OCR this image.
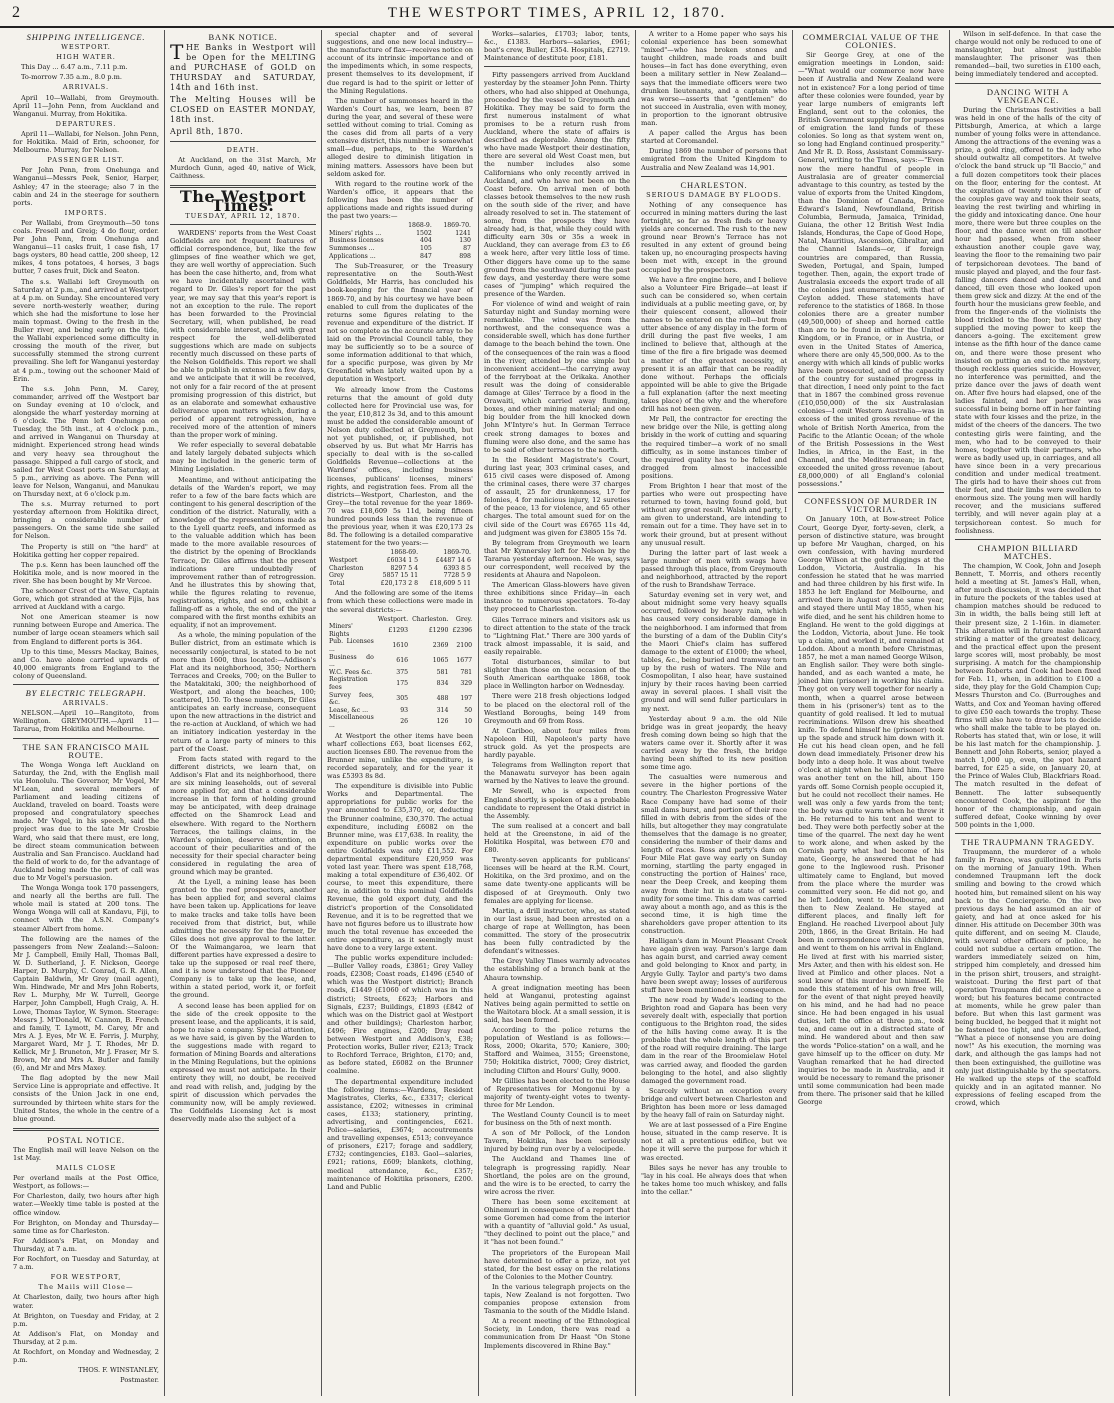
2	THE WESTPORT TIMES, APRIL 12, 1870.
SHIPPING INTELLIGENCE.
WESTPORT.
HIGH WATER.

This Day ... 6.47 a.m., 7.11 p.m.

To-morrow 7.35 a.m., 8.0 p.m.

ARRIVALS.

April 10—Wallabi, from Greymouth. April 11—John Penn, from Auckland and Wanganui. Murray, from Hokitika.

DEPARTURES.

April 11—Wallabi, for Nelson. John Penn, for Hokitika. Maid of Erin, schooner, for Melbourne. Murray, for Nelson.

PASSENGER LIST.

Per John Penn, from Onehunga and Wanganui—Messrs Peek, Senior, Harper, Ashley; 47 in the steerage; also 7 in the cabin and 24 in the steerage for southern ports.

IMPORTS.

Per Wallabi, from Greymouth—50 tons coals. Fresell and Greig; 4 do flour, order. Per John Penn, from Onehunga and Wanganui—11 casks fruit, 1 case fish, 17 bags oysters, 80 head cattle, 200 sheep, 12 mikes, 4 tons potatoes, 4 horses, 3 bags butter, 7 cases fruit, Dick and Seaton.

The s.s. Wallabi left Greymouth on Saturday at 2 p.m., and arrived at Westport at 4 p.m. on Sunday. She encountered very severe north-westerly weather, during which she had the misfortune to lose her main topmast. Owing to the fresh in the Buller river, and being early on the tide, the Wallabi experienced some difficulty in crossing the mouth of the river, but successfully stemmed the strong current prevailing. She left for Wanganui yesterday at 4 p.m., towing out the schooner Maid of Erin.

The s.s. John Penn, M. Carey, commander, arrived off the Westport bar on Sunday evening at 10 o'clock, and alongside the wharf yesterday morning at 6 o'clock. The Penn left Onehunga on Tuesday, the 5th inst., at 4 o'clock p.m., and arrived in Wanganui on Thursday at midnight. Experienced strong head winds and very heavy sea throughout the passage. Shipped a full cargo of stock, and sailed for West Coast ports on Saturday, at 5 p.m., arriving as above. The Penn will leave for Nelson, Wanganui, and Manukau on Thursday next, at 6 o'clock p.m.

The s.s. Murray returned to port yesterday afternoon from Hokitika direct, bringing a considerable number of passengers. On the same tide she sailed for Nelson.

The Property is still on "the hard" at Hokitika getting her copper repaired.

The p.s. Kenn has been launched off the Hokitika mole, and is now moored in the river. She has been bought by Mr Vercoe.

The schooner Crest of the Wave, Captain Gore, which got stranded at the Fijis, has arrived at Auckland with a cargo.

Not one American steamer is now running between Europe and America. The number of large ocean steamers which sail from England to different ports is 364.

Up to this time, Messrs Mackay, Baines, and Co. have alone carried upwards of 40,000 emigrants from England to the colony of Queensland.

BY ELECTRIC TELEGRAPH.
ARRIVALS.

NELSON.—April 10—Rangitoto, from Wellington. GREYMOUTH.—April 11—Tararua, from Hokitika and Melbourne.

THE SAN FRANCISCO MAIL ROUTE.

The Wonga Wonga left Auckland on Saturday, the 2nd, with the English mail via Honolulu. The Governor, Mr Vogel, Mr M'Lean, and several members of Parliament and leading citizens of Auckland, traveled on board. Toasts were proposed and congratulatory speeches made. Mr Vogel, in his speech, said the project was due to the late Mr Crosbie Ward, who said that there must, ere long, be direct steam communication between Australia and San Francisco. Auckland had the field of work to do, for the advantage of Auckland being made the port of call was due to Mr Vogel's persuasion.

The Wonga Wonga took 170 passengers, and nearly all the berths are full. The whole mail is stated at 200 tons. The Wonga Wonga will call at Kandavu, Fiji, to connect with the A.S.N. Company's steamer Albert from home.

The following are the names of the passengers from New Zealand:—Saloon: Mr J. Campbell, Emily Hall, Thomas Ball, W. D. Sutherland, J. F. Nickson, George Harper, D. Murphy, C. Conrad, G. R. Allen, Captain Baldwin, Mr Grey (mail agent), Wm. Hindwade, Mr and Mrs John Roberts, Rev L. Murphy, Mr W. Turrell, George Harper, John Campbell, Hugh Craig, A. H. Lowe, Thomas Taylor, W. Symon. Steerage: Messrs J. M'Donald, W. Cannon, B. French and family, T. Lymott, M. Carey, Mr and Mrs A. J. Eyes, Mr W. E. Ferris, J. Murphy, Margaret Ward, Mr J. T. Rhodes, Mr D. Kellick, Mr J. Bruneton, Mr J. Fraser, Mr S. Brown, Mr and Mrs A. Butler and family (6), and Mr and Mrs Maxey.

The flag adopted by the new Mail Service Line is appropriate and effective. It consists of the Union Jack in one end, surrounded by thirteen white stars for the United States, the whole in the centre of a blue ground.

POSTAL NOTICE.

The English mail will leave Nelson on the 1st May.

MAILS CLOSE

Per overland mails at the Post Office, Westport, as follows:—

For Charleston, daily, two hours after high water.—Weekly time table is posted at the office window.

For Brighton, on Monday and Thursday—same time as for Charleston.

For Addison's Flat, on Monday and Thursday, at 7 a.m.

For Rochfort, on Tuesday and Saturday, at 7 a.m.

FOR WESTPORT,
The Mails will Close—

At Charleston, daily, two hours after high water.

At Brighton, on Tuesday and Friday, at 2 p.m.

At Addison's Flat, on Monday and Thursday, at 2 p.m.

At Rochfort, on Monday and Wednesday, 2 p.m.

THOS. F. WINSTANLEY,
Postmaster.
BANK NOTICE.

THE Banks in Westport will be Open for the MELTING and PURCHASE of GOLD on THURSDAY and SATURDAY, 14th and 16th inst.

The Melting Houses will be CLOSED on EASTER MONDAY, 18th inst.

April 8th, 1870.

DEATH.

At Auckland, on the 31st March, Mr Murdoch Gunn, aged 40, native of Wick, Caithness.

The Westport Times.
TUESDAY, APRIL 12, 1870.

WARDENS' reports from the West Coast Goldfields are not frequent features of official correspondence, but, like the few glimpses of fine weather which we get, they are well worthy of appreciation. Such has been the case hitherto, and, from what we have incidentally ascertained with regard to Dr. Giles's report for the past year, we may say that this year's report is not an exception to the rule. The report has been forwarded to the Provincial Secretary, will, when published, be read with considerable interest, and with great respect for the well-deliberated suggestions which are made on subjects recently much discussed on these parts of the Nelson Goldfields. This report we shall be able to publish in extenso in a few days, and we anticipate that it will be received, not only for a fair record of the at present promising progression of this district, but as an elaborate and somewhat exhaustive deliverance upon matters which, during a period of apparent retrogression, have received more of the attention of miners than the proper work of mining.

We refer especially to several debatable and lately largely debated subjects which may be included in the generic term of Mining Legislation.

Meantime, and without anticipating the details of the Warden's report, we may refer to a few of the bare facts which are contingent to his general description of the condition of the district. Naturally, with a knowledge of the representations made as to the Lyell quartz reefs, and informed as to the valuable addition which has been made to the more available resources of the district by the opening of Brocklands Terrace, Dr. Giles affirms that the present indications are undoubtedly of improvement rather than of retrogression. And he illustrates this by showing that, while the figures relating to revenue, registrations, rights, and so on, exhibit a falling-off as a whole, the end of the year compared with the first months exhibits an equality, if not an improvement.

As a whole, the mining population of the Buller district, from an estimate which is necessarily conjectural, is stated to be not more than 1600, thus located:—Addison's Flat and its neighborhood, 350; Northern Terraces and Creeks, 700; on the Buller to the Matakitaki, 300; the neighborhood of Westport, and along the beaches, 100; scattered, 150. To these numbers, Dr Giles anticipates an early increase, consequent upon the new attractions in the district and the re-action at Auckland, of which we had an initiatory indication yesterday in the return of a large party of miners to this part of the Coast.

From facts stated with regard to the different districts, we learn that, on Addison's Flat and its neighborhood, there are six mining leaseholds, out of several more applied for, and that a considerable increase in that form of holding ground may be anticipated, with deep drainage effected on the Shamrock Lead and elsewhere. With regard to the Northern Terraces, the tailings claims, in the Warden's opinion, deserve attention, on account of their peculiarities and of the necessity for their special character being considered in regulating the area of ground which may be granted.

At the Lyell, a mining lease has been granted to the reef prospectors, another has been applied for, and several claims have been taken up. Applications for leave to make tracks and take tolls have been received from that district, but, while admitting the necessity for the former, Dr Giles does not give approval to the latter. Of the Waimangaroa, we learn that different parties have expressed a desire to take up the supposed or real reef there, and it is now understood that the Pioneer Company is to take up the lease, and, within a stated period, work it, or forfeit the ground.

A second lease has been applied for on the side of the creek opposite to the present lease, and the applicants, it is said, hope to raise a company. Special attention, as we have said, is given by the Warden to the suggestions made with regard to formation of Mining Boards and alterations in the Mining Regulations, but the opinions expressed we must not anticipate. In their entirety they will, no doubt, be received and read with relish, and, judging by the spirit of discussion which pervades the community now, will be amply reviewed. The Goldfields Licensing Act is most deservedly made also the subject of a

special chapter and of several suggestions, and one new local industry—the manufacture of flax—receives notice on account of its intrinsic importance and of the impediments which, in some respects, present themselves to its development, if due regard is had to the spirit or letter of the Mining Regulations.

The number of summonses heard in the Warden's Court has, we learn, been 87 during the year, and several of these were settled without coming to trial. Coming as the cases did from all parts of a very extensive district, this number is somewhat small—due, perhaps, to the Warden's alleged desire to diminish litigation in mining matters. Assessors have been but seldom asked for.

With regard to the routine work of the Warden's office, it appears that the following has been the number of applications made and rights issued during the past two years:—

	1868-9.	1869-70.
Miners' rights ...	1502	1241
Business licenses	404	130
Summonses ...	105	87
Applications ...	847	898

The Sub-Treasurer, or the Treasury representative on the South-West Goldfields, Mr Harris, has concluded his book-keeping for the financial year of 1869-70, and by his courtesy we have been enabled to cull from the duplicates of the returns some figures relating to the revenue and expenditure of the district. If not so complete as the accurate array to be laid on the Provincial Council table, they may be sufficiently so to be a source of some information additional to that which, for a specific purpose, was given by Mr Greenfield when lately waited upon by a deputation in Westport.

We already know from the Customs returns that the amount of gold duty collected here for Provincial use was, for the year, £10,812 3s 3d, and to this amount must be added the considerable amount of Nelson duty collected at Greymouth, but not yet published, or, if published, not observed by us. But what Mr Harris has specially to deal with is the so-called Goldfields Revenue—collections at the Wardens' offices, including business licenses, publicans' licenses, miners' rights, and registration fees. From all the districts—Westport, Charleston, and the Grey—the total revenue for the year 1869-70 was £18,609 5s 11d, being fifteen hundred pounds less than the revenue of the previous year, when it was £20,173 2s 8d. The following is a detailed comparative statement for the two years:—

	1868-69.	1869-70.
Westport	£6034 1 5	£4487 14 6
Charleston	8297 5 4	6393 8 5
Grey	5857 15 11	7728 5 9
Total	£20,173 2 8	£18,609 5 11

And the following are some of the items from which these collections were made in the several districts:—

	Westport.	Charleston.	Grey.
Miners' Rights	£1293	£1290	£2396
Pub. Licenses ...	1610	2369	2100
Business do ...	616	1065	1677
W.C. Fees &c.	375	581	781
Registration fees	175	834	329
Survey fees, &c.	305	488	197
Lease, &c ...	93	314	50
Miscellaneous ...	26	126	10

At Westport the other items have been wharf collections £63, boat licenses £62, auction licenses £80. The revenue from the Brunner mine, unlike the expenditure, is recorded separately, and for the year it was £5393 8s 8d.

The expenditure is divisible into Public Works and Departmental. The appropriations for public works for the year amounted to £35,370, or, deducting the Brunner coalmine, £30,370. The actual expenditure, including £6082 on the Brunner mine, was £17,638. In reality, the expenditure on public works over the entire Goldfields was only £11,552. For departmental expenditure £20,959 was voted last year. There was spent £18,768, making a total expenditure of £36,402. Of course, to meet this expenditure, there are, in addition to this nominal Goldfields Revenue, the gold export duty, and the district's proportion of the Consolidated Revenue, and it is to be regretted that we have not figures before us to illustrate how much the total revenue has exceeded the entire expenditure, as it seemingly must have done to a very large extent.

The public works expenditure included:—Buller Valley roads, £3861; Grey Valley roads, £2308; Coast roads, £1496 (£540 of which was the Westport district); Branch roads, £1449 (£1060 of which was in this district); Streets, £623; Harbors and Signals, £237; Buildings, £1893 (£842 of which was on the District gaol at Westport and other buildings); Charleston harbor, £496; Fire engines, £200; Dray road between Westport and Addison's, £38; Protection works, Buller river, £213; Track to Rochford Terrace, Brighton, £170; and, as before stated, £6082 on the Brunner coalmine.

The departmental expenditure included the following items:—Wardens, Resident Magistrates, Clerks, &c., £3317; clerical assistance, £202; witnesses in criminal cases, £133; stationery, printing, advertising, and contingencies, £621. Police—salaries, £3674; accoutrements and travelling expenses, £513; conveyance of prisoners, £217; forage and saddlery, £732; contingencies, £183. Gaol—salaries, £921; rations, £609; blankets, clothing, medical attendance, &c., £357; maintenance of Hokitika prisoners, £200. Land and Public

Works—salaries, £1703; labor, tents, &c., £1383. Harbors—salaries, £961; boat's crew, Buller, £354. Hospitals, £2719. Maintenance of destitute poor, £181.

Fifty passengers arrived from Auckland yesterday by the steamer John Penn. Thirty others, who had also shipped at Onehunga, proceeded by the vessel to Greymouth and Hokitika. They may be said to form the first numerous instalment of what promises to be a return rush from Auckland, where the state of affairs is described as deplorable. Among the fifty who have made Westport their destination, there are several old West Coast men, but the number includes also some Californians who only recently arrived in Auckland, and who have not been on the Coast before. On arrival men of both classes betook themselves to the new rush on the south side of the river, and have already resolved to set in. The statement of some, from the prospects they have already had, is that, while they could with difficulty earn 30s or 35s a week in Auckland, they can average from £3 to £6 a week here, after very little loss of time. Other diggers have come up to the same ground from the southward during the past few days, and yesterday there were some cases of "jumping" which required the presence of the Warden.

For violence of wind and weight of rain Saturday night and Sunday morning were remarkable. The wind was from the northwest, and the consequence was a considerable swell, which has done further damage to the beach behind the town. One of the consequences of the rain was a flood in the river, attended by one simple but inconvenient accident—the carrying away of the ferryboat at the Orikaka. Another result was the doing of considerable damage at Giles' Terrace by a flood in the Orawaiti, which carried away fluming, boxes, and other mining material; and one big boulder from the hill knocked down John M'Intyre's hut. In German Terrace creek strong damages to boxes and fluming were also done, and the same has to be said of other terraces to the north.

In the Resident Magistrate's Court, during last year, 303 criminal cases, and 615 civil cases were disposed of. Among the criminal cases, there were 37 charges of assault, 25 for drunkenness, 17 for felonies, 4 for malicious injury, 12 sureties of the peace, 13 for violence, and 65 other charges. The total amount sued for on the civil side of the Court was £6765 11s 4d, and judgment was given for £3805 15s 7d.

By telegram from Greymouth we learn that Mr Kynnersley left for Nelson by the Tararua yesterday afternoon. He was, says our correspondent, well received by the residents at Ahaura and Napoleon.

The American Glass-blowers have given three exhibitions since Friday—in each instance to numerous spectators. To-day they proceed to Charleston.

Giles Terrace miners and visitors ask us to direct attention to the state of the track to "Lightning Flat." There are 300 yards of track almost impassable, it is said, and easily repairable.

Total disturbances, similar to but slighter than those on the occasion of the South American earthquake 1868, took place in Wellington harbor on Wednesday.

There were 218 fresh objections lodged to be placed on the electoral roll of the Westland Boroughs, being 149 from Greymouth and 69 from Ross.

At Cariboo, about four miles from Napoleon Hill, Napoleon's party have struck gold. As yet the prospects are hardly payable.

Telegrams from Wellington report that the Manawatu surveyor has been again warned by the Natives to leave the ground.

Mr Sewell, who is expected from England shortly, is spoken of as a probable candidate to represent the Otaki district in the Assembly.

The sum realised at a concert and ball held at the Greenstone, in aid of the Hokitika Hospital, was between £70 and £80.

Twenty-seven applicants for publicans' licenses will be heard at the R.M. Court, Hokitika, on the 3rd proximo, and on the same date twenty-one applicants will be disposed of at Greymouth. Only two females are applying for license.

Martin, a drill instructor, who, as stated in our last issue, had been arrested on a charge of rape at Wellington, has been committed. The story of the prosecutrix has been fully contradicted by the defendant's witnesses.

The Grey Valley Times warmly advocates the establishing of a branch bank at the Ahaura township.

A great indignation meeting has been held at Wanganui, protesting against Natives being again permitted to settle on the Waitotara block. At a small session, it is said, has been formed.

According to the police returns the population of Westland is as follows:—Ross, 2000; Okarita, 570; Kaniere, 300; Stafford and Waimea, 3155; Greenstone, 750; Hokitika district, 7000; Grey district, including Clifton and Hours' Gully, 9000.

Mr Gillies has been elected to the House of Representatives for Mongonui by a majority of twenty-eight votes to twenty-three for Mr Lendon.

The Westland County Council is to meet for business on the 5th of next month.

A son of Mr Pollock, of the London Tavern, Hokitika, has been seriously injured by being run over by a velocipede.

The Auckland and Thames line of telegraph is progressing rapidly. Near Shortland, the poles are on the ground, and the wire is to be erected, to carry the wire across the river.

There has been some excitement at Ohinemuri in consequence of a report that some Goremen had come from the interior with a quantity of "alluvial gold." As usual, "they declined to point out the place," and it "has not been found."

The proprietors of the European Mail have determined to offer a prize, not yet stated, for the best essay on the relations of the Colonies to the Mother Country.

In the various telegraph projects on the tapis, New Zealand is not forgotten. Two companies propose extension from Tasmania to the south of the Middle Island.

At a recent meeting of the Ethnological Society, in London, there was read a communication from Dr Haast "On Stone Implements discovered in Rhine Bay."

A writer to a Home paper who says his colonial experience has been somewhat "mixed"—who has broken stones and taught children, made roads and built houses—in fact has done everything, even been a military settler in New Zealand—says that the immediate officers were two drunken lieutenants, and a captain who was worse—asserts that "gentlemen" do not succeed in Australia, even with money, in proportion to the ignorant obtrusive man.

A paper called the Argus has been started at Coromandel.

During 1869 the number of persons that emigrated from the United Kingdom to Australia and New Zealand was 14,901.

CHARLESTON.
SERIOUS DAMAGE BY FLOODS.

Nothing of any consequence has occurred in mining matters during the last fortnight, so far as fresh finds or heavy yields are concerned. The rush to the new ground near Brown's Terrace has not resulted in any extent of ground being taken up, no encouraging prospects having been met with, except in the ground occupied by the prospectors.

We have a fire engine here, and I believe also a Volunteer Fire Brigade—at least if such can be considered so, when certain individuals at a public meeting gave, or, by their quiescent consent, allowed their names to be entered on the roll—but from utter absence of any display in the form of drill during the past five weeks, I am inclined to believe that, although at the time of the fire a fire brigade was deemed a matter of the greatest necessity, at present it is an affair that can be readily done without. Perhaps the officials appointed will be able to give the Brigade a full explanation (after the next meeting takes place) of the why and the wherefore drill has not been given.

Mr Pell, the contractor for erecting the new bridge over the Nile, is getting along briskly in the work of cutting and squaring the required timber—a work of no small difficulty, as in some instances timber of the required quality has to be felled and dragged from almost inaccessible positions.

From Brighton I hear that most of the parties who were out prospecting have returned to town, having found gold, but without any great result. Walsh and party, I am given to understand, are intending to remain out for a time. They have set in to work their ground, but at present without any unusual result.

During the latter part of last week a large number of men with swags have passed through this place, from Greymouth and neighborhood, attracted by the report of the rush to Brandshaw Terrace.

Saturday evening set in very wet, and about midnight some very heavy squalls occurred, followed by heavy rain, which has caused very considerable damage in the neighborhood. I am informed that from the bursting of a dam of the Dublin City's the Maori Chief's claim has suffered damage to the extent of £1000; the wheel, tables, &c., being buried and tramway torn up by the rush of waters. The Nile and Cosmopolitan, I also hear, have sustained injury by their races having been carried away in several places. I shall visit the ground and will send fuller particulars in my next.

Yesterday about 9 a.m. the old Nile bridge was in great jeopardy, the heavy fresh coming down being so high that the waters came over it. Shortly after it was carried away by the fresh, the bridge having been shifted to its new position some time ago.

The casualties were numerous and severe in the higher portions of the country. The Charleston Progressive Water Race Company have had some of their small dams burst, and portion of their race filled in with debris from the sides of the hills, but altogether they may congratulate themselves that the damage is no greater, considering the number of their dams and length of races. Ross and party's dam on Four Mile Flat gave way early on Sunday morning, startling the party engaged in constructing the portion of Haines' race, near the Deep Creek, and keeping them away from their hut in a state of semi-nudity for some time. This dam was carried away about a month ago, and as this is the second time, it is high time the shareholders gave proper attention to its construction.

Halligan's dam in Mount Pleasant Creek have again given way. Parson's large dam has again burst, and carried away cement and gold belonging to Knox and party, in Argyle Gully. Taylor and party's two dams have been swept away; losses of auriferous stuff have been mentioned in consequence.

The new road by Wade's leading to the Brighton road and Gapara has been very severely dealt with, especially that portion contiguous to the Brighton road, the sides of the hills having come away. It is the probable that the whole length of this part of the road will require draining. The large dam in the rear of the Broomielaw Hotel was carried away, and flooded the garden belonging to the hotel, and also slightly damaged the government road.

Scarcely without an exception every bridge and culvert between Charleston and Brighton has been more or less damaged by the heavy fall of rain on Saturday night.

We are at last possessed of a Fire Engine house, situated in the camp reserve. It is not at all a pretentious edifice, but we hope it will serve the purpose for which it was erected.

Biles says he never has any trouble to "lay in his coal. He always does that when he takes home too much whiskey, and falls into the cellar."

COMMERCIAL VALUE OF THE COLONIES.

Sir George Grey, at one of the emigration meetings in London, said:—"What would our commerce now have been if Australia and New Zealand were not in existence? For a long period of time after these colonies were founded, year by year large numbers of emigrants left England, sent out to the colonies, the British Government supplying for purposes of emigration the land funds of these colonies. So long as that system went on, so long had England continued prosperity." And Mr R. D. Ross, Assistant Commissary-General, writing to the Times, says:—"Even now the mere handful of people in Australasia are of greater commercial advantage to this country, as tested by the value of exports from the United Kingdom, than the Dominion of Canada, Prince Edward's Island, Newfoundland, British Columbia, Bermuda, Jamaica, Trinidad, Guiana, the other 12 British West India Islands, Honduras, the Cape of Good Hope, Natal, Mauritius, Ascension, Gibraltar, and the Channel Islands—or, if foreign countries are compared, than Russia, Sweden, Portugal, and Spain, lumped together. Then, again, the export trade of Australasia exceeds the export trade of all the colonies just enumerated, with that of Ceylon added. These statements have reference to the statistics of 1868. In those colonies there are a greater number (49,500,000) of sheep and horned cattle than are to be found in either the United Kingdom, or in France, or in Austria, or even in the United States of America, where there are only 45,500,000. As to the energy with which all kinds of public works have been prosecuted, and of the capacity of the country for sustained progress in that direction, I need only point to the fact that in 1867 the combined gross revenue (£10,050,000) of the six Australasian colonies—I omit Western Australia—was in excess of the united gross revenue of the whole of British North America, from the Pacific to the Atlantic Ocean; of the whole of the British Possessions in the West Indies, in Africa, in the East, in the Channel, and the Mediterranean; in fact, exceeded the united gross revenue (about £8,000,000) of all England's colonial possessions."

CONFESSION OF MURDER IN VICTORIA.

On January 10th, at Bow-street Police Court, George Dyer, forty-seven, clerk, a person of distinctive stature, was brought up before Mr Vaughan, charged, on his own confession, with having murdered George Wilson at the gold diggings at the Loddon, Victoria, Australia. In his confession he stated that he was married and had three children by his first wife. In 1853 he left England for Melbourne, and arrived there in August of the same year, and stayed there until May 1855, when his wife died, and he sent his children home to England. He went to the gold diggings at the Loddon, Victoria, about June. He took up a claim, and worked it, and remained at Loddon. About a month before Christmas, 1857, he met a man named George Wilson, an English sailor. They were both single-handed, and as each wanted a mate, he joined him (prisoner) in working his claim. They got on very well together for nearly a month, when a quarrel arose between them in his (prisoner's) tent as to the quantity of gold realised. It led to mutual recriminations. Wilson drew his sheathed knife. To defend himself he (prisoner) took up the spade and struck him down with it. He cut his head clean open, and he fell down dead immediately. Prisoner drew his body into a deep hole. It was about twelve o'clock at night when he killed him. There was another tent on the hill, about 150 yards off. Some Cornish people occupied it, but he could not recollect their names. He well was only a few yards from the tent; the body was quite warm when he threw it in. He returned to his tent and went to bed. They were both perfectly sober at the time of the quarrel. The next day he went to work alone, and when asked by the Cornish party what had become of his mate, George, he answered that he had gone to the Inglewood rush. Prisoner ultimately came to England, but moved from the place where the murder was committed very soon. He did not go, and he left Loddon, went to Melbourne, and then to New Zealand. He stayed at different places, and finally left for England. He reached Liverpool about July 20th, 1866, in the Great Britain. He had been in correspondence with his children, and went to them on his arrival in England. He lived at first with his married sister, Mrs Axter, and then with his eldest son. He lived at Pimlico and other places. Not a soul knew of this murder but himself. He made this statement of his own free will, for the event of that night preyed heavily on his mind, and he had had no peace since. He had been engaged in his usual duties, left the office at three p.m., took tea, and came out in a distracted state of mind. He wandered about and then saw the words "Police-station" on a wall, and he gave himself up to the officer on duty. Mr Vaughan remarked that he had directed inquiries to be made in Australia, and it would be necessary to remand the prisoner until some communication had been made from there. The prisoner said that he killed George

Wilson in self-defence. In that case the charge would not only be reduced to one of manslaughter, but almost justifiable manslaughter. The prisoner was then remanded—bail, two sureties in £100 each, being immediately tendered and accepted.

DANCING WITH A VENGEANCE.

During the Christmas festivities a ball was held in one of the halls of the city of Pittsburgh, America, at which a large number of young folks were in attendance. Among the attractions of the evening was a prize, a gold ring, offered to the lady who should outwaltz all competitors. At twelve o'clock the band struck up "Il Baccio," and a full dozen competitors took their places on the floor, entering for the contest. At the expiration of twenty minutes four of the couples gave way and took their seats, leaving the rest twirling and whirling in the giddy and intoxicating dance. One hour more, there were but three couples on the floor, and the dance went on till another hour had passed, when from sheer exhaustion another couple gave way, leaving the floor to the remaining two pair of terpsichorean devotees. The band of music played and played, and the four fast-falling dancers danced and danced and danced, till even those who looked upon them grew sick and dizzy. At the end of the fourth hour the musicians grew feeble, and from the finger-ends of the violinists the blood trickled to the floor; but still they supplied the moving power to keep the dancers a-going. The excitement grew intense as the fifth hour of the dance came on, and there were those present who insisted on putting an end to the mystery, though reckless queries suicide. However, no interference was permitted, and the prize dance over the jaws of death went on. After five hours had elapsed, one of the ladies fainted, and her partner was successful in being borne off in her fainting state with four kisses and the prize, in the midst of the cheers of the dancers. The two contesting girls were fainting, and the men, who had to be conveyed to their homes, together with their partners, who were as badly used up, in carriages, and all have since been in a very precarious condition and under medical treatment. The girls had to have their shoes cut from their feet, and their limbs were swollen to enormous size. The young men will hardly recover, and the musicians suffered terribly, and will never again play at a terpsichorean contest. So much for foolishness.

CHAMPION BILLIARD MATCHES.

The champion, W. Cook, John and Joseph Bennett, T. Morris, and others recently held a meeting at St. James's Hall, when, after much discussion, it was decided that in future the pockets of the tables used at champion matches should be reduced to 3in in width, the balls being still left at their present size, 2 1-16in. in diameter. This alteration will in future make hazard striking a matter of the greatest delicacy, and the practical effect upon the present large scores will, most probably, be most surprising. A match for the championship between Roberts and Cook had been fixed for Feb. 11, when, in addition to £100 a side, they play for the Gold Champion Cup; Messrs Thurston and Co. (Burroughes and Watts, and Cox and Yeoman having offered to give £50 each towards the trophy. These firms will also have to draw lots to decide who shall make the table to be played on. Roberts has stated that, win or lose, it will be his last match for the championship. J. Bennett and John Roberts, senior, played a match 1,000 up, even, the spot hazard barred, for £25 a side, on January 20, at the Prince of Wales Club, Blackfriars Road. The match resulted in the defeat of Bennett. The latter subsequently encountered Cook, the aspirant for the honor of the championship, and again suffered defeat, Cooke winning by over 500 points in the 1,000.

THE TRAUPMANN TRAGEDY.

Traupmann, the murderer of a whole family in France, was guillotined in Paris on the morning of January 19th. When condemned Traupmann left the dock smiling and bowing to the crowd which hooted him, but remained silent on his way back to the Conciergerie. On the two previous days he had assumed an air of gaiety, and had at once asked for his dinner. His attitude on December 30th was quite different, and on seeing M. Claude, with several other officers of police, he could not subdue a certain emotion. The warders immediately seized on him, stripped him completely, and dressed him in the prison shirt, trousers, and straight-waistcoat. During the first part of that operation Traupmann did not pronounce a word; but his features became contracted at moments, while he grew paler than before. But when this last garment was being buckled, he begged that it might not be fastened too tight, and then remarked, "What a piece of nonsense you are doing now!" As his execution, the morning was dark, and although the gas lamps had not then been extinguished, the guillotine was only just distinguishable by the spectators. He walked up the steps of the scaffold quickly and in an agitated manner. No expressions of feeling escaped from the crowd, which
